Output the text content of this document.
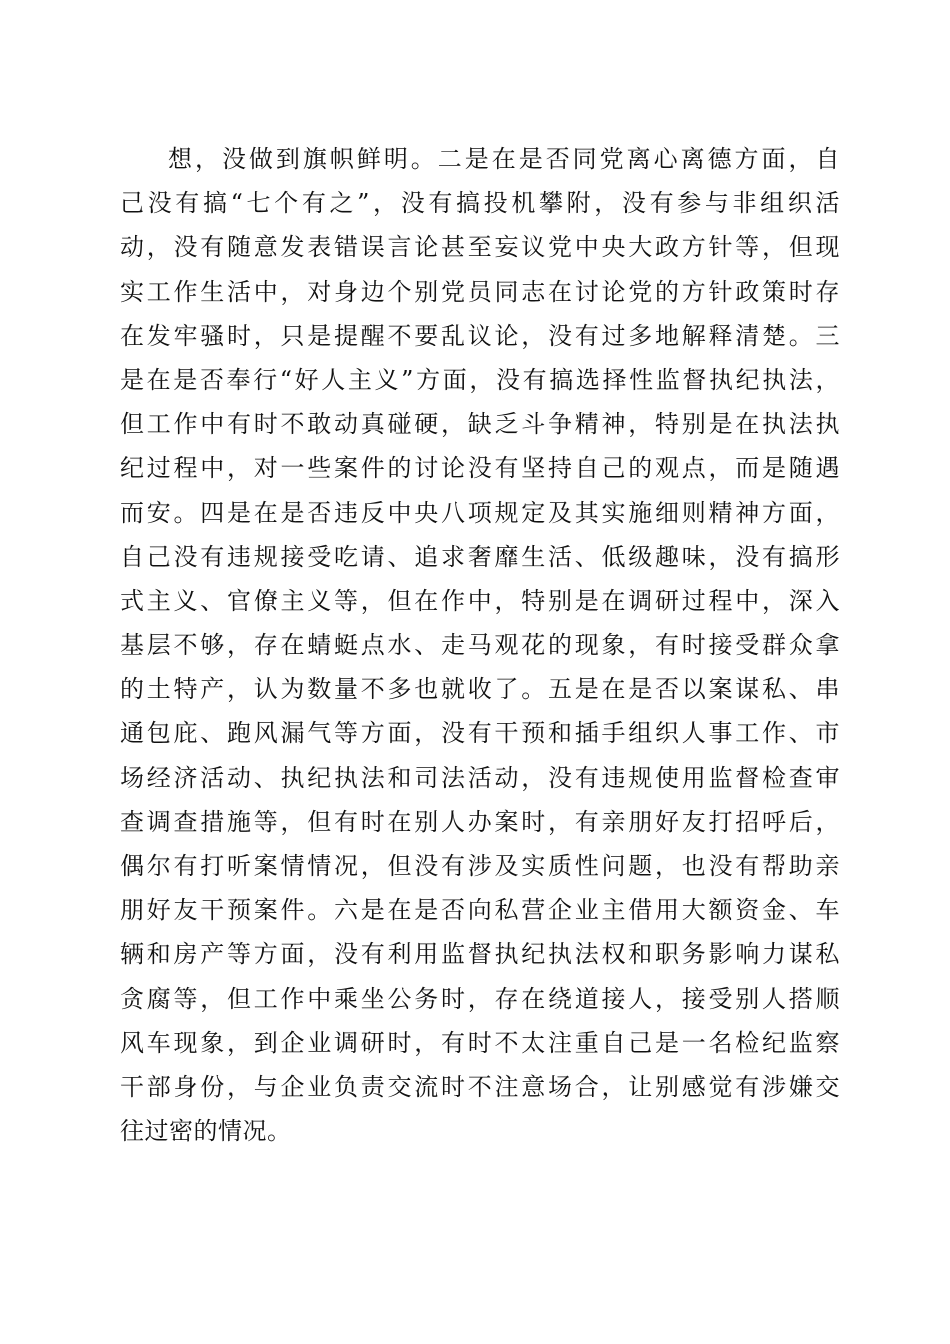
想，没做到旗帜鲜明。二是在是否同党离心离德方面，自
己没有搞“七个有之”，没有搞投机攀附，没有参与非组织活
动，没有随意发表错误言论甚至妄议党中央大政方针等，但现
实工作生活中，对身边个别党员同志在讨论党的方针政策时存
在发牢骚时，只是提醒不要乱议论，没有过多地解释清楚。三
是在是否奉行“好人主义”方面，没有搞选择性监督执纪执法，
但工作中有时不敢动真碰硬，缺乏斗争精神，特别是在执法执
纪过程中，对一些案件的讨论没有坚持自己的观点，而是随遇
而安。四是在是否违反中央八项规定及其实施细则精神方面，
自己没有违规接受吃请、追求奢靡生活、低级趣味，没有搞形
式主义、官僚主义等，但在作中，特别是在调研过程中，深入
基层不够，存在蜻蜓点水、走马观花的现象，有时接受群众拿
的土特产，认为数量不多也就收了。五是在是否以案谋私、串
通包庇、跑风漏气等方面，没有干预和插手组织人事工作、市
场经济活动、执纪执法和司法活动，没有违规使用监督检查审
查调查措施等，但有时在别人办案时，有亲朋好友打招呼后，
偶尔有打听案情情况，但没有涉及实质性问题，也没有帮助亲
朋好友干预案件。六是在是否向私营企业主借用大额资金、车
辆和房产等方面，没有利用监督执纪执法权和职务影响力谋私
贪腐等，但工作中乘坐公务时，存在绕道接人，接受别人搭顺
风车现象，到企业调研时，有时不太注重自己是一名检纪监察
干部身份，与企业负责交流时不注意场合，让别感觉有涉嫌交
往过密的情况。
